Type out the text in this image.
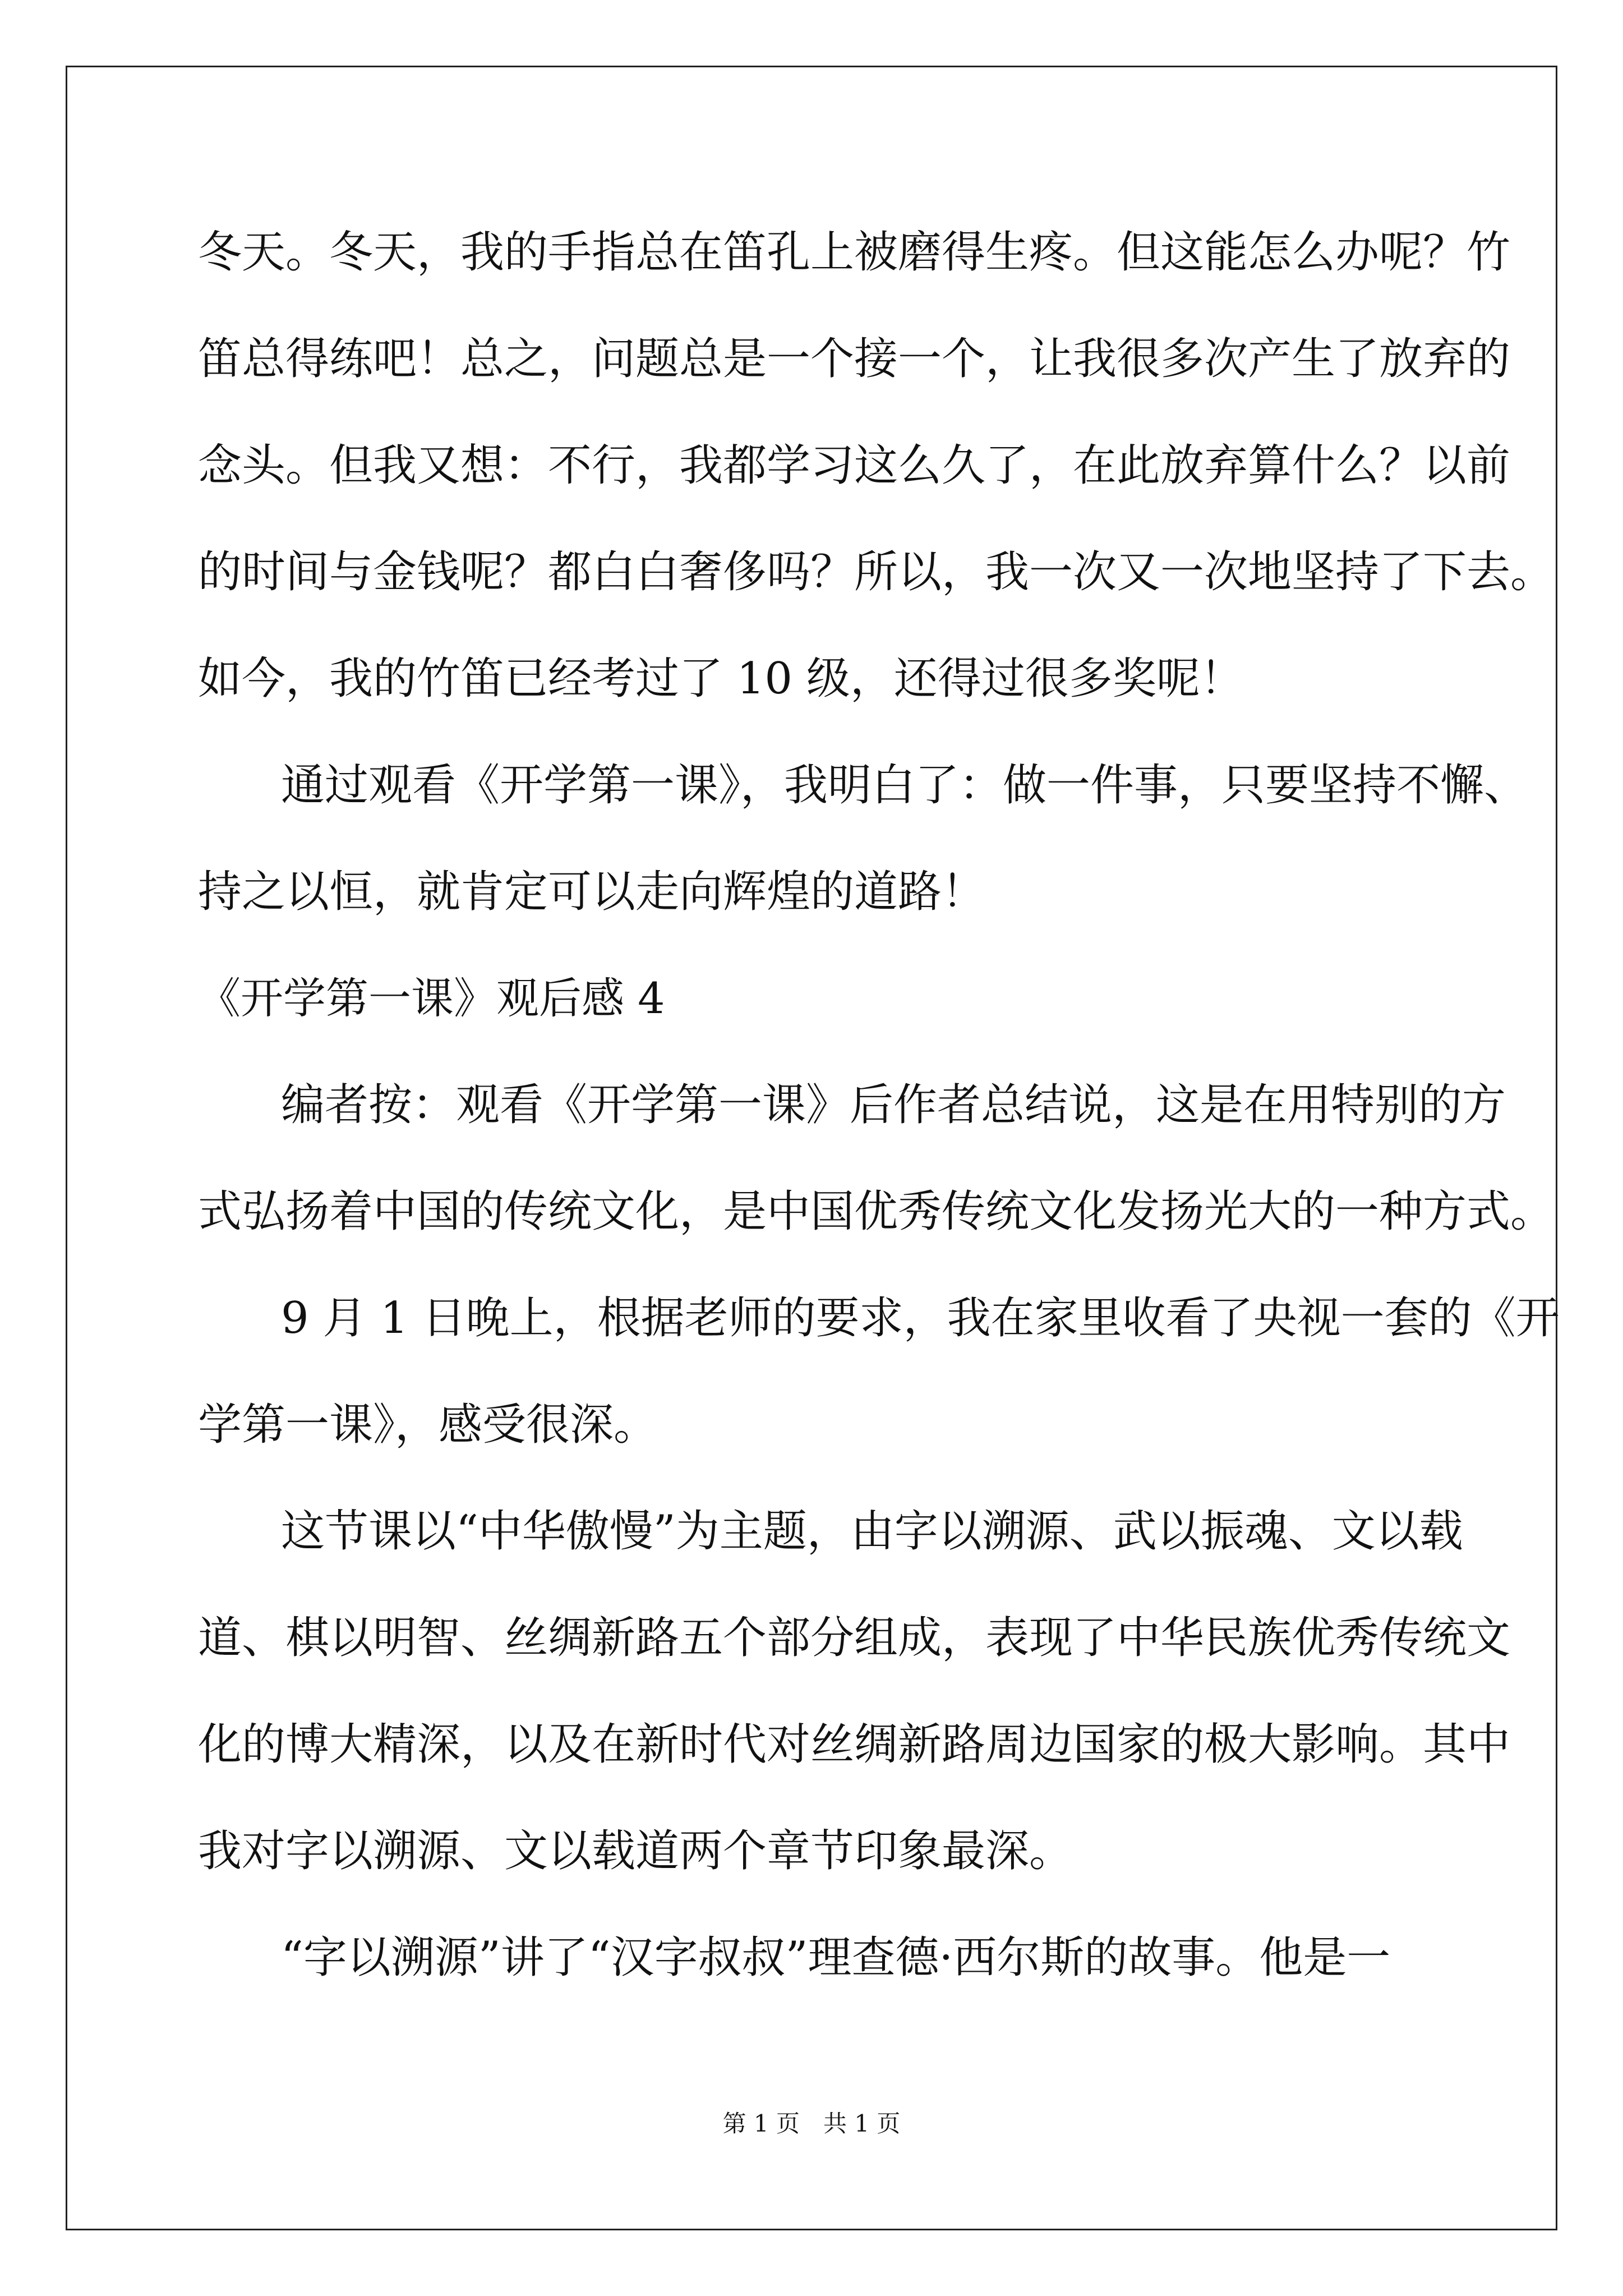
冬天。冬天，我的手指总在笛孔上被磨得生疼。但这能怎么办呢？竹
笛总得练吧！总之，问题总是一个接一个，让我很多次产生了放弃的
念头。但我又想：不行，我都学习这么久了，在此放弃算什么？以前
的时间与金钱呢？都白白奢侈吗？所以，我一次又一次地坚持了下去。
如今，我的竹笛已经考过了 10 级，还得过很多奖呢！
通过观看《开学第一课》，我明白了：做一件事，只要坚持不懈、
持之以恒，就肯定可以走向辉煌的道路！
《开学第一课》观后感 4
编者按：观看《开学第一课》后作者总结说，这是在用特别的方
式弘扬着中国的传统文化，是中国优秀传统文化发扬光大的一种方式。
9 月 1 日晚上，根据老师的要求，我在家里收看了央视一套的《开
学第一课》，感受很深。
这节课以“中华傲慢”为主题，由字以溯源、武以振魂、文以载
道、棋以明智、丝绸新路五个部分组成，表现了中华民族优秀传统文
化的博大精深，以及在新时代对丝绸新路周边国家的极大影响。其中
我对字以溯源、文以载道两个章节印象最深。
“字以溯源”讲了“汉字叔叔”理查德·西尔斯的故事。他是一
第 1 页　共 1 页
